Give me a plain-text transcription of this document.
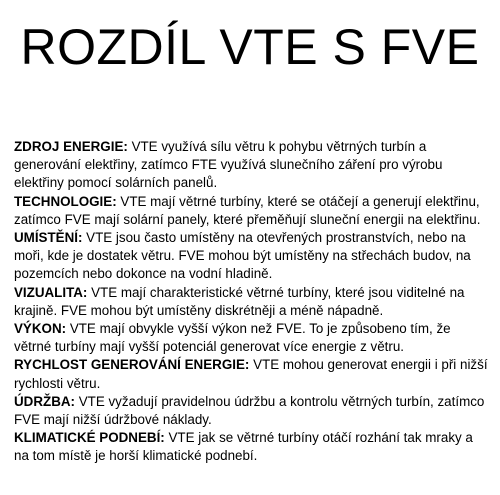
ROZDÍL VTE S FVE

ZDROJ ENERGIE: VTE využívá sílu větru k pohybu větrných turbín a generování elektřiny, zatímco FTE využívá slunečního záření pro výrobu elektřiny pomocí solárních panelů.

TECHNOLOGIE: VTE mají větrné turbíny, které se otáčejí a generují elektřinu, zatímco FVE mají solární panely, které přeměňují sluneční energii na elektřinu.

UMÍSTĚNÍ: VTE jsou často umístěny na otevřených prostranstvích, nebo na moři, kde je dostatek větru. FVE mohou být umístěny na střechách budov, na pozemcích nebo dokonce na vodní hladině.

VIZUALITA: VTE mají charakteristické větrné turbíny, které jsou viditelné na krajině. FVE mohou být umístěny diskrétněji a méně nápadně.

VÝKON: VTE mají obvykle vyšší výkon než FVE. To je způsobeno tím, že větrné turbíny mají vyšší potenciál generovat více energie z větru.

RYCHLOST GENEROVÁNÍ ENERGIE: VTE mohou generovat energii i při nižší rychlosti větru.

ÚDRŽBA: VTE vyžadují pravidelnou údržbu a kontrolu větrných turbín, zatímco FVE mají nižší údržbové náklady.

KLIMATICKÉ PODNEBÍ: VTE jak se větrné turbíny otáčí rozhání tak mraky a na tom místě je horší klimatické podnebí.
